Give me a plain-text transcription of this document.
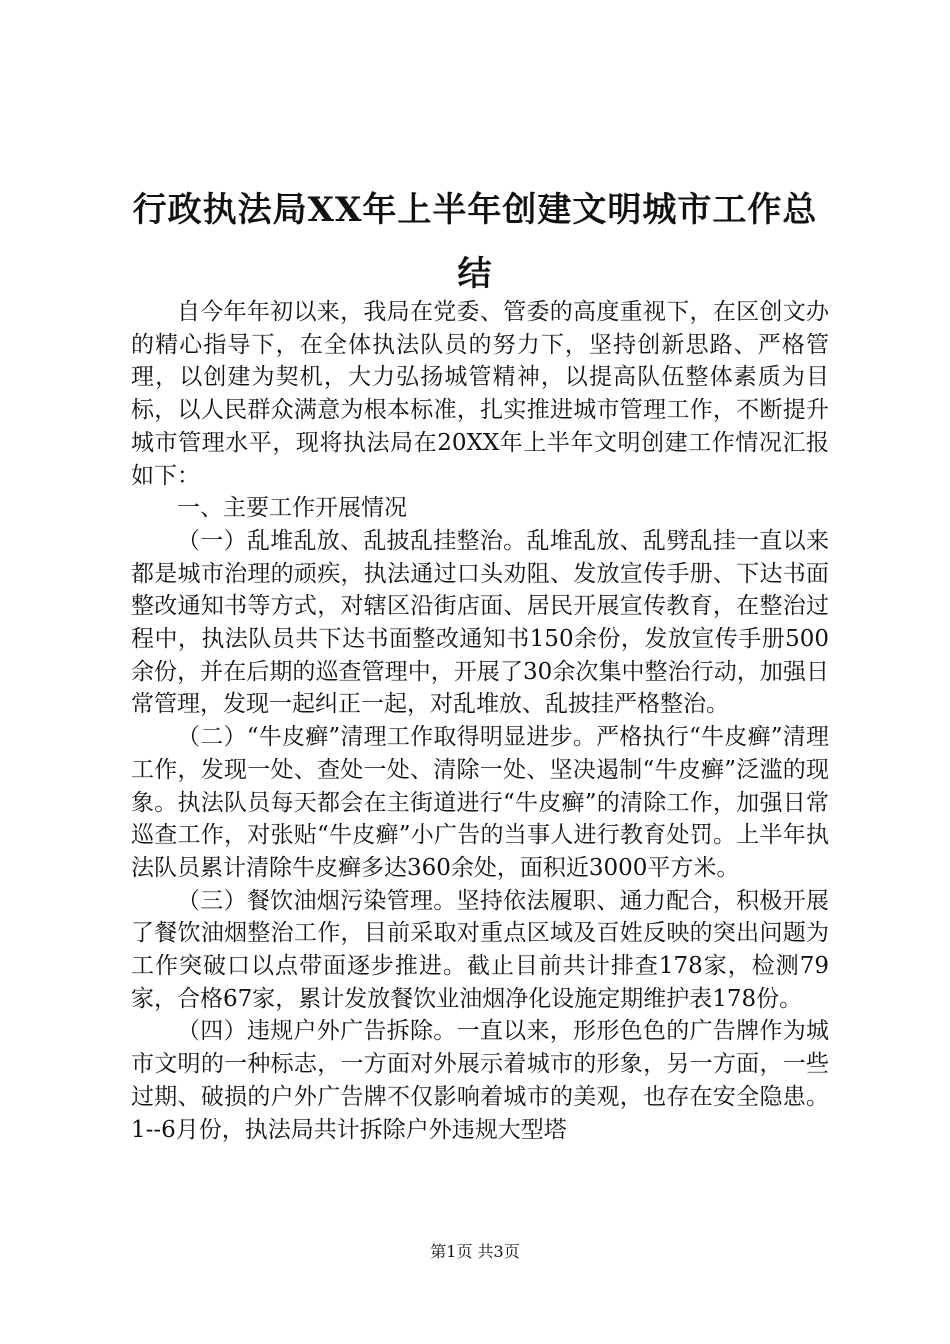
行政执法局XX年上半年创建文明城市工作总结

自今年年初以来，我局在党委、管委的高度重视下，在区创文办的精心指导下，在全体执法队员的努力下，坚持创新思路、严格管理，以创建为契机，大力弘扬城管精神，以提高队伍整体素质为目标，以人民群众满意为根本标准，扎实推进城市管理工作，不断提升城市管理水平，现将执法局在20XX年上半年文明创建工作情况汇报如下：

一、主要工作开展情况

（一）乱堆乱放、乱披乱挂整治。乱堆乱放、乱劈乱挂一直以来都是城市治理的顽疾，执法通过口头劝阻、发放宣传手册、下达书面整改通知书等方式，对辖区沿街店面、居民开展宣传教育，在整治过程中，执法队员共下达书面整改通知书150余份，发放宣传手册500余份，并在后期的巡查管理中，开展了30余次集中整治行动，加强日常管理，发现一起纠正一起，对乱堆放、乱披挂严格整治。

（二）“牛皮癣”清理工作取得明显进步。严格执行“牛皮癣”清理工作，发现一处、查处一处、清除一处、坚决遏制“牛皮癣”泛滥的现象。执法队员每天都会在主街道进行“牛皮癣”的清除工作，加强日常巡查工作，对张贴“牛皮癣”小广告的当事人进行教育处罚。上半年执法队员累计清除牛皮癣多达360余处，面积近3000平方米。

（三）餐饮油烟污染管理。坚持依法履职、通力配合，积极开展了餐饮油烟整治工作，目前采取对重点区域及百姓反映的突出问题为工作突破口以点带面逐步推进。截止目前共计排查178家，检测79家，合格67家，累计发放餐饮业油烟净化设施定期维护表178份。

（四）违规户外广告拆除。一直以来，形形色色的广告牌作为城市文明的一种标志，一方面对外展示着城市的形象，另一方面，一些过期、破损的户外广告牌不仅影响着城市的美观，也存在安全隐患。1--6月份，执法局共计拆除户外违规大型塔

第1页 共3页
